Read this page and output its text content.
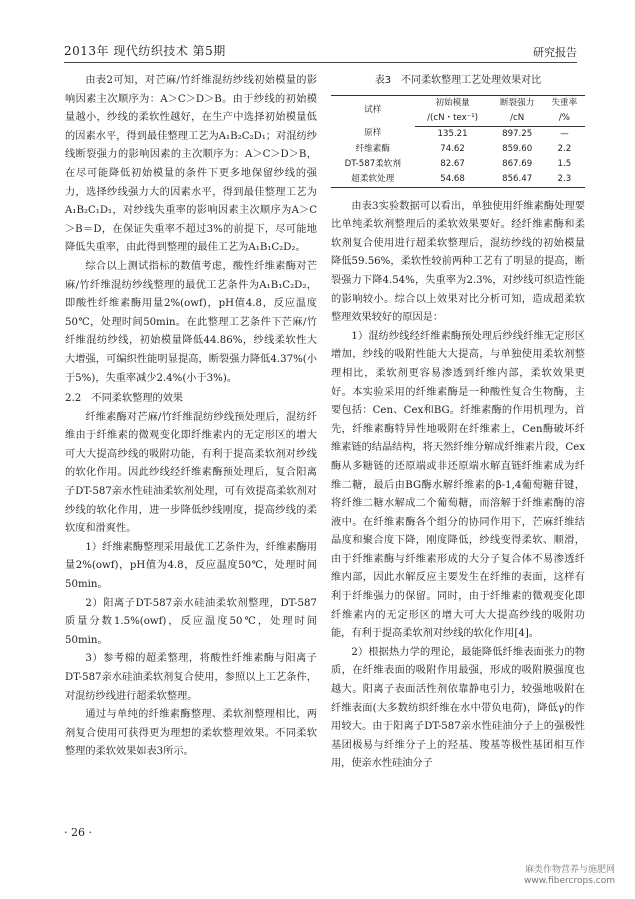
2013年 现代纺织技术 第5期	研究报告

由表2可知，对芒麻/竹纤维混纺纱线初始模量的影响因素主次顺序为：A＞C＞D＞B。由于纱线的初始模量越小，纱线的柔软性越好，在生产中选择初始模量低的因素水平，得到最佳整理工艺为A₁B₂C₂D₁；对混纺纱线断裂强力的影响因素的主次顺序为：A＞C＞D＞B，在尽可能降低初始模量的条件下更多地保留纱线的强力，选择纱线强力大的因素水平，得到最佳整理工艺为A₁B₂C₁D₁，对纱线失重率的影响因素主次顺序为A＞C＞B＝D，在保证失重率不超过3%的前提下，尽可能地降低失重率，由此得到整理的最佳工艺为A₁B₁C₂D₂。

综合以上测试指标的数值考虑，酸性纤维素酶对芒麻/竹纤维混纺纱线整理的最优工艺条件为A₁B₁C₂D₂，即酸性纤维素酶用量2%(owf)，pH值4.8，反应温度50℃，处理时间50min。在此整理工艺条件下芒麻/竹纤维混纺纱线，初始模量降低44.86%，纱线柔软性大大增强，可编织性能明显提高，断裂强力降低4.37%(小于5%)，失重率减少2.4%(小于3%)。

2.2　不同柔软整理的效果

纤维素酶对芒麻/竹纤维混纺纱线预处理后，混纺纤维由于纤维素的微观变化即纤维素内的无定形区的增大可大大提高纱线的吸附功能，有利于提高柔软剂对纱线的软化作用。因此纱线经纤维素酶预处理后，复合阳离子DT-587亲水性硅油柔软剂处理，可有效提高柔软剂对纱线的软化作用，进一步降低纱线刚度，提高纱线的柔软度和滑爽性。

1）纤维素酶整理采用最优工艺条件为，纤维素酶用量2%(owf)，pH值为4.8，反应温度50℃，处理时间50min。

2）阳离子DT-587亲水硅油柔软剂整理，DT-587质量分数1.5%(owf)，反应温度50℃，处理时间50min。

3）参考棉的超柔整理，将酸性纤维素酶与阳离子DT-587亲水硅油柔软剂复合使用，参照以上工艺条件，对混纺纱线进行超柔软整理。

通过与单纯的纤维素酶整理、柔软剂整理相比，两剂复合使用可获得更为理想的柔软整理效果。不同柔软整理的柔软效果如表3所示。

表3　不同柔软整理工艺处理效果对比

试样	初始模量	断裂强力	失重率
	/(cN・tex⁻¹)	/cN	/%
原样	135.21	897.25	—
纤维素酶	74.62	859.60	2.2
DT-587柔软剂	82.67	867.69	1.5
超柔软处理	54.68	856.47	2.3

由表3实验数据可以看出，单独使用纤维素酶处理要比单纯柔软剂整理后的柔软效果要好。经纤维素酶和柔软剂复合使用进行超柔软整理后，混纺纱线的初始模量降低59.56%，柔软性较前两种工艺有了明显的提高，断裂强力下降4.54%，失重率为2.3%，对纱线可织造性能的影响较小。综合以上效果对比分析可知，造成超柔软整理效果较好的原因是：

1）混纺纱线经纤维素酶预处理后纱线纤维无定形区增加，纱线的吸附性能大大提高，与单独使用柔软剂整理相比，柔软剂更容易渗透到纤维内部，柔软效果更好。本实验采用的纤维素酶是一种酸性复合生物酶，主要包括：Cen、Cex和BG。纤维素酶的作用机理为，首先，纤维素酶特异性地吸附在纤维素上，Cen酶破坏纤维素链的结晶结构，将天然纤维分解成纤维素片段，Cex酶从多糖链的还原端或非还原端水解直链纤维素成为纤维二糖，最后由BG酶水解纤维素的β-1,4葡萄糖苷键，将纤维二糖水解成二个葡萄糖，而溶解于纤维素酶的溶液中。在纤维素酶各个组分的协同作用下，芒麻纤维结晶度和聚合度下降，刚度降低，纱线变得柔软、顺滑，由于纤维素酶与纤维素形成的大分子复合体不易渗透纤维内部，因此水解反应主要发生在纤维的表面，这样有利于纤维强力的保留。同时，由于纤维素的微观变化即纤维素内的无定形区的增大可大大提高纱线的吸附功能，有利于提高柔软剂对纱线的软化作用[4]。

2）根据热力学的理论，最能降低纤维表面张力的物质，在纤维表面的吸附作用最强，形成的吸附膜强度也越大。阳离子表面活性剂依靠静电引力，较强地吸附在纤维表面(大多数纺织纤维在水中带负电荷)，降低γ的作用较大。由于阳离子DT-587亲水性硅油分子上的强极性基团极易与纤维分子上的羟基、羧基等极性基团相互作用，使亲水性硅油分子

· 26 ·
麻类作物营养与施肥网
www.fibercrops.com
